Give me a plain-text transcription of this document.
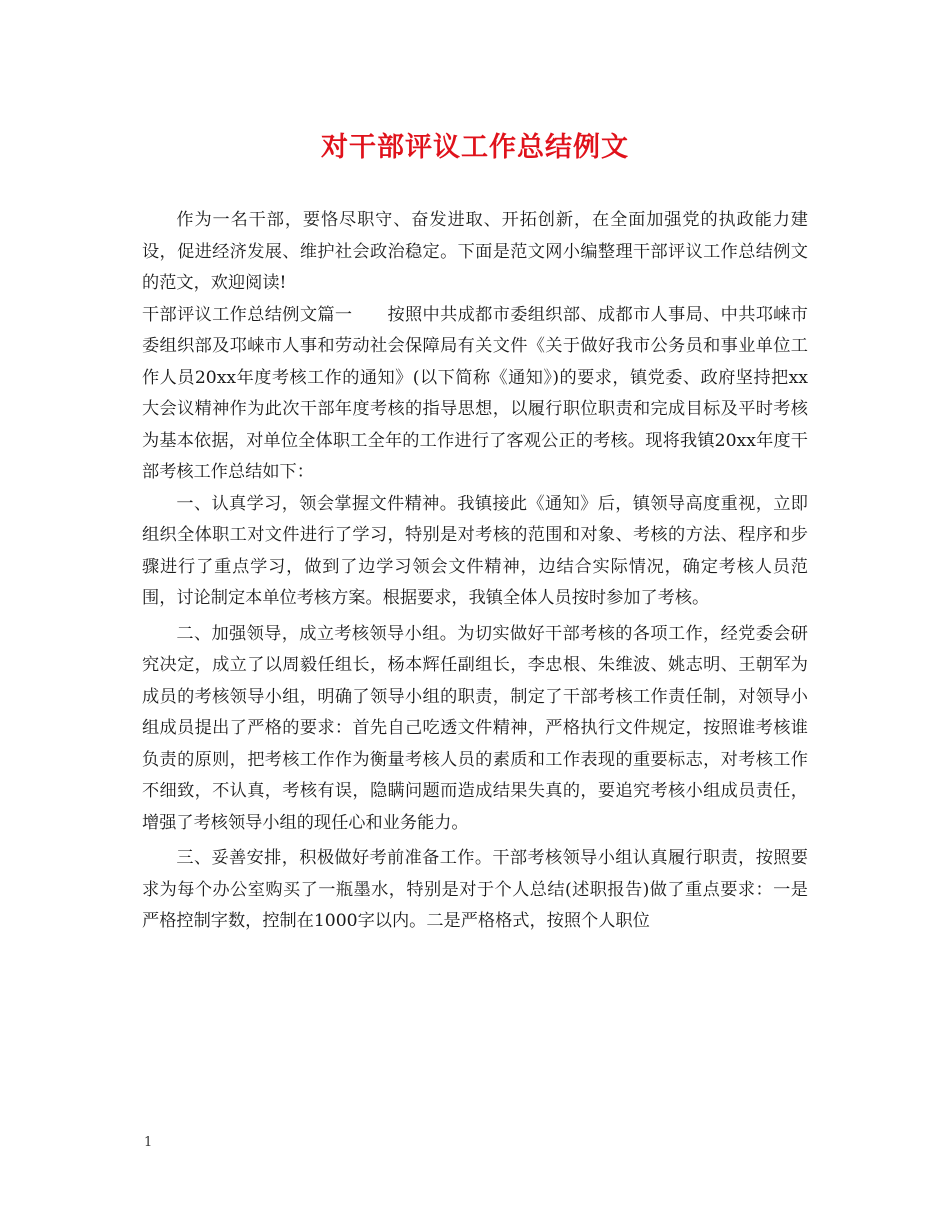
对干部评议工作总结例文

作为一名干部，要恪尽职守、奋发进取、开拓创新，在全面加强党的执政能力建设，促进经济发展、维护社会政治稳定。下面是范文网小编整理干部评议工作总结例文的范文，欢迎阅读!

干部评议工作总结例文篇一　　按照中共成都市委组织部、成都市人事局、中共邛崃市委组织部及邛崃市人事和劳动社会保障局有关文件《关于做好我市公务员和事业单位工作人员20xx年度考核工作的通知》(以下简称《通知》)的要求，镇党委、政府坚持把xx大会议精神作为此次干部年度考核的指导思想，以履行职位职责和完成目标及平时考核为基本依据，对单位全体职工全年的工作进行了客观公正的考核。现将我镇20xx年度干部考核工作总结如下：

一、认真学习，领会掌握文件精神。我镇接此《通知》后，镇领导高度重视，立即组织全体职工对文件进行了学习，特别是对考核的范围和对象、考核的方法、程序和步骤进行了重点学习，做到了边学习领会文件精神，边结合实际情况，确定考核人员范围，讨论制定本单位考核方案。根据要求，我镇全体人员按时参加了考核。

二、加强领导，成立考核领导小组。为切实做好干部考核的各项工作，经党委会研究决定，成立了以周毅任组长，杨本辉任副组长，李忠根、朱维波、姚志明、王朝军为成员的考核领导小组，明确了领导小组的职责，制定了干部考核工作责任制，对领导小组成员提出了严格的要求：首先自己吃透文件精神，严格执行文件规定，按照谁考核谁负责的原则，把考核工作作为衡量考核人员的素质和工作表现的重要标志，对考核工作不细致，不认真，考核有误，隐瞒问题而造成结果失真的，要追究考核小组成员责任，增强了考核领导小组的现任心和业务能力。

三、妥善安排，积极做好考前准备工作。干部考核领导小组认真履行职责，按照要求为每个办公室购买了一瓶墨水，特别是对于个人总结(述职报告)做了重点要求：一是严格控制字数，控制在1000字以内。二是严格格式，按照个人职位

1
